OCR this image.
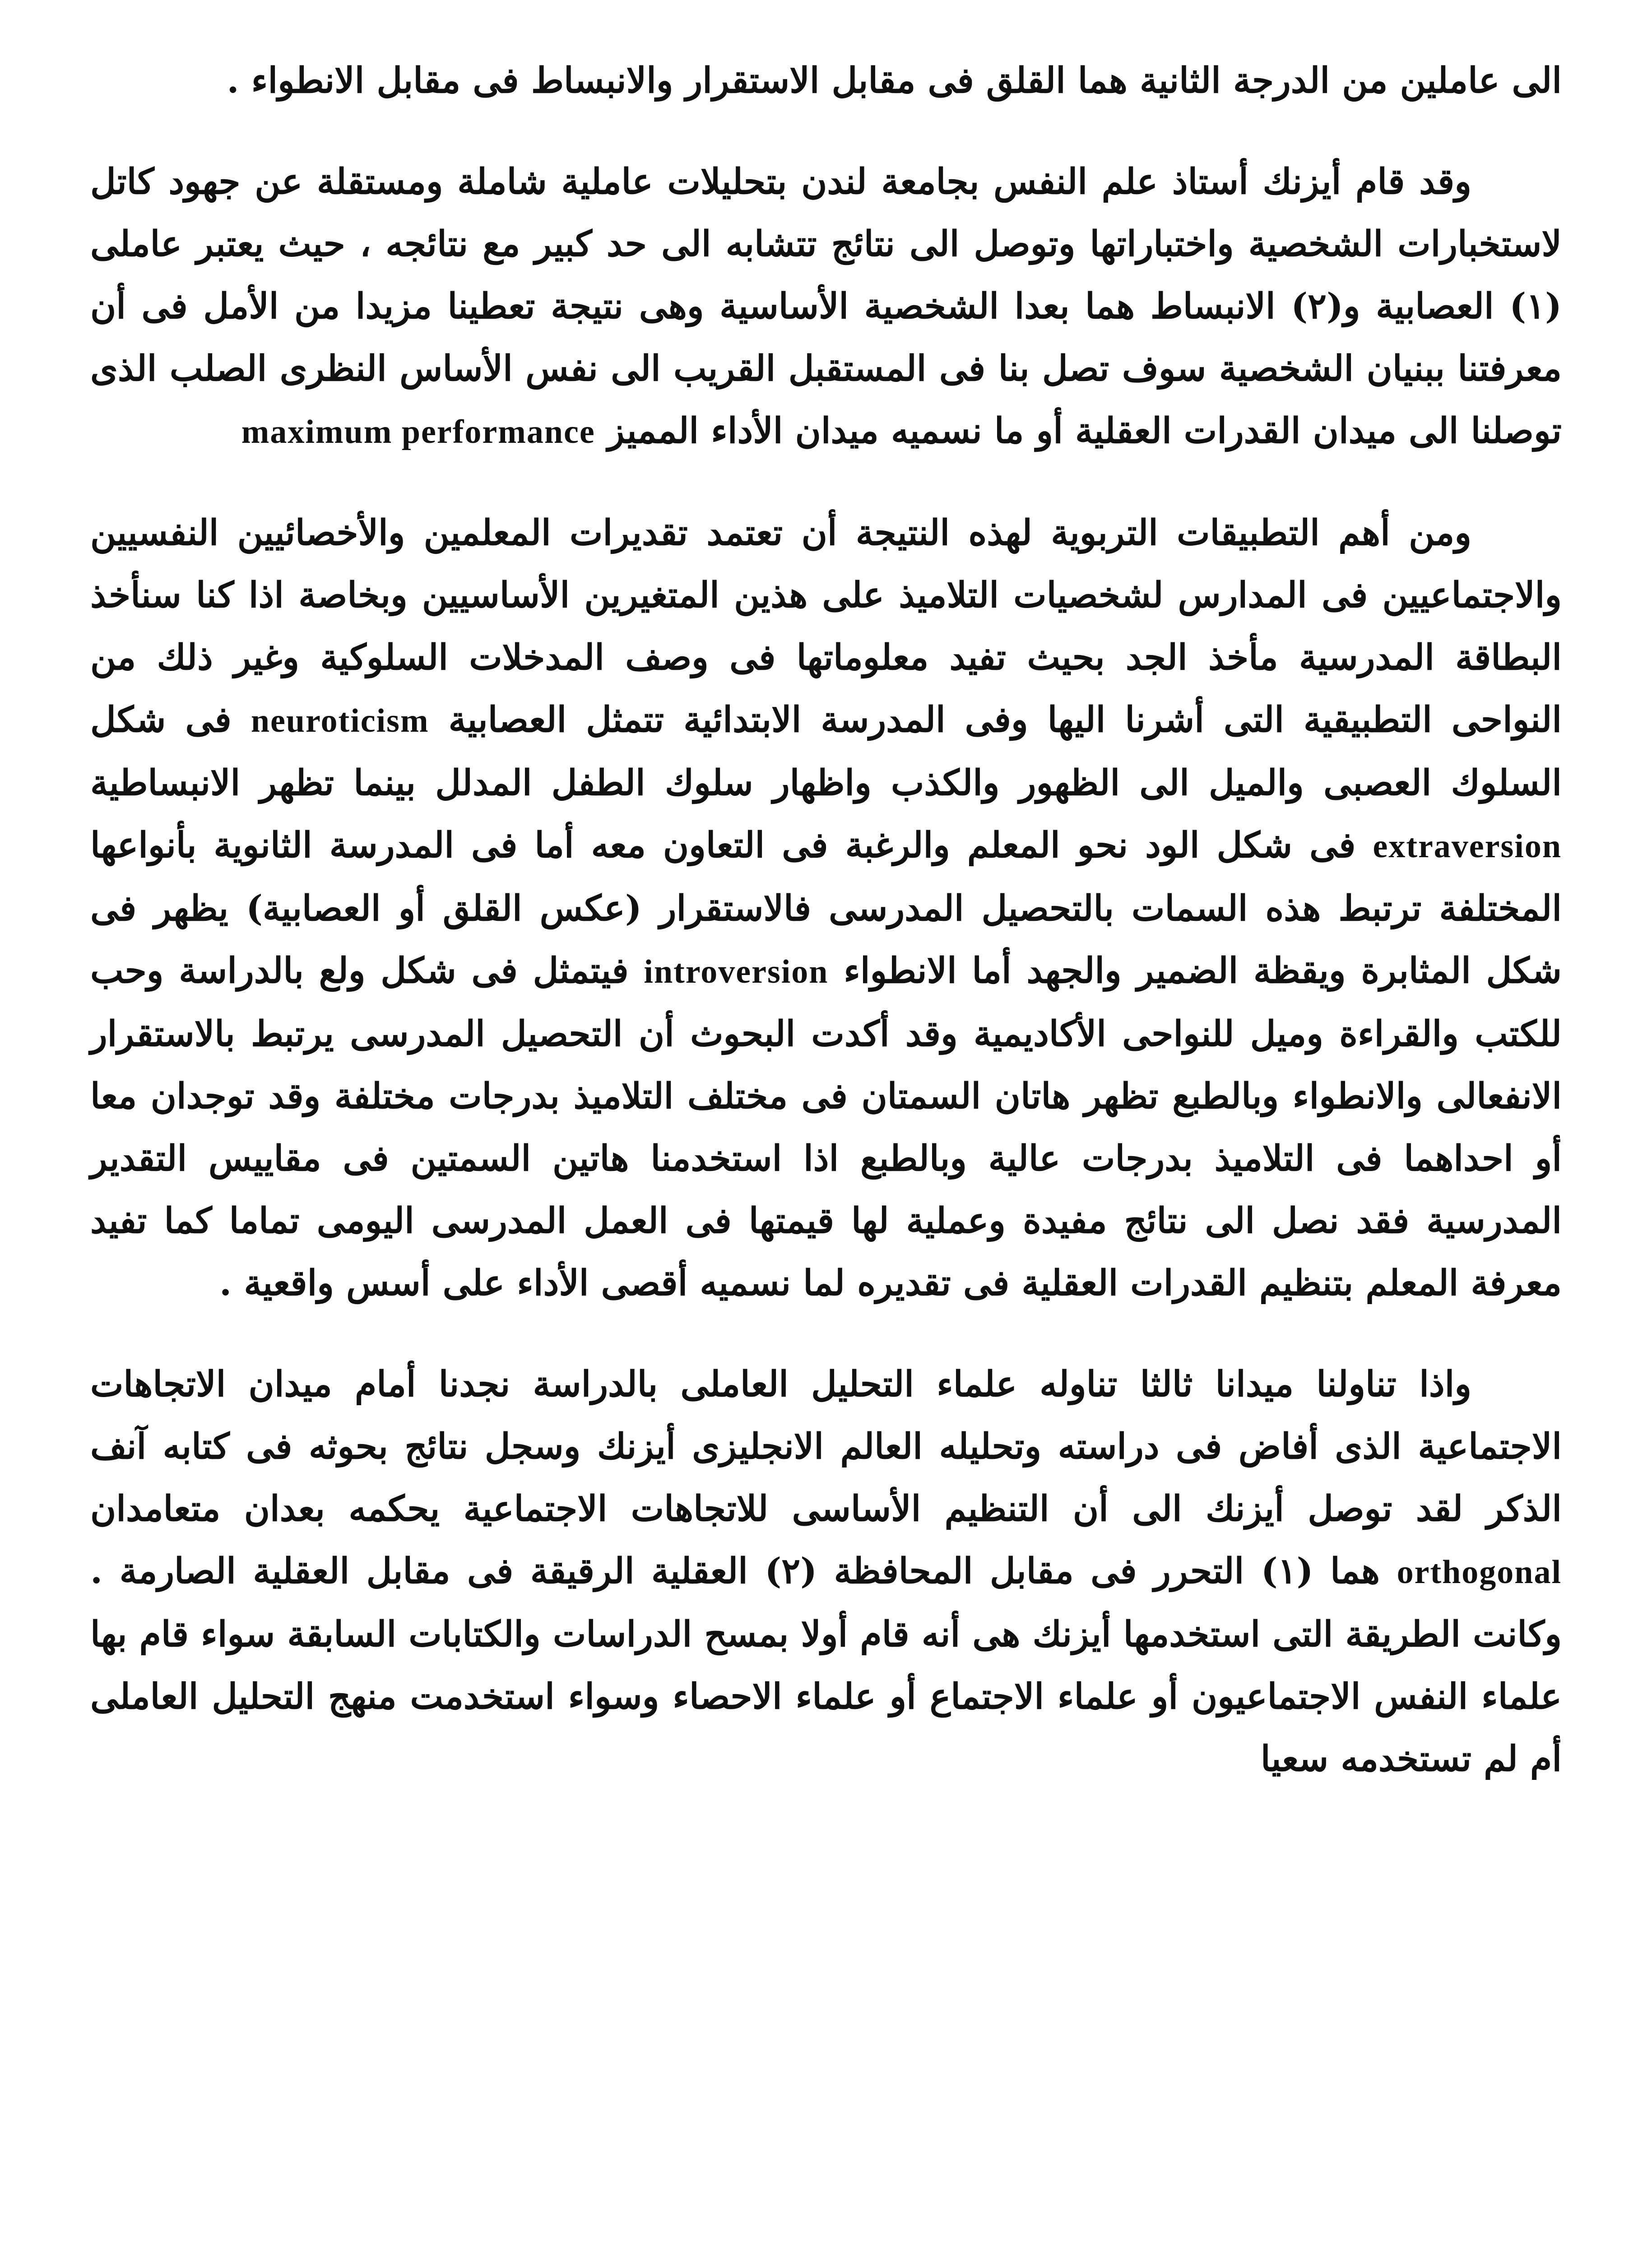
الى عاملين من الدرجة الثانية هما القلق فى مقابل الاستقرار والانبساط فى مقابل الانطواء .

وقد قام أيزنك أستاذ علم النفس بجامعة لندن بتحليلات عاملية شاملة ومستقلة عن جهود كاتل لاستخبارات الشخصية واختباراتها وتوصل الى نتائج تتشابه الى حد كبير مع نتائجه ، حيث يعتبر عاملى (١) العصابية و(٢) الانبساط هما بعدا الشخصية الأساسية وهى نتيجة تعطينا مزيدا من الأمل فى أن معرفتنا ببنيان الشخصية سوف تصل بنا فى المستقبل القريب الى نفس الأساس النظرى الصلب الذى توصلنا الى ميدان القدرات العقلية أو ما نسميه ميدان الأداء المميز maximum performance

ومن أهم التطبيقات التربوية لهذه النتيجة أن تعتمد تقديرات المعلمين والأخصائيين النفسيين والاجتماعيين فى المدارس لشخصيات التلاميذ على هذين المتغيرين الأساسيين وبخاصة اذا كنا سنأخذ البطاقة المدرسية مأخذ الجد بحيث تفيد معلوماتها فى وصف المدخلات السلوكية وغير ذلك من النواحى التطبيقية التى أشرنا اليها وفى المدرسة الابتدائية تتمثل العصابية neuroticism فى شكل السلوك العصبى والميل الى الظهور والكذب واظهار سلوك الطفل المدلل بينما تظهر الانبساطية extraversion فى شكل الود نحو المعلم والرغبة فى التعاون معه أما فى المدرسة الثانوية بأنواعها المختلفة ترتبط هذه السمات بالتحصيل المدرسى فالاستقرار (عكس القلق أو العصابية) يظهر فى شكل المثابرة ويقظة الضمير والجهد أما الانطواء introversion فيتمثل فى شكل ولع بالدراسة وحب للكتب والقراءة وميل للنواحى الأكاديمية وقد أكدت البحوث أن التحصيل المدرسى يرتبط بالاستقرار الانفعالى والانطواء وبالطبع تظهر هاتان السمتان فى مختلف التلاميذ بدرجات مختلفة وقد توجدان معا أو احداهما فى التلاميذ بدرجات عالية وبالطبع اذا استخدمنا هاتين السمتين فى مقاييس التقدير المدرسية فقد نصل الى نتائج مفيدة وعملية لها قيمتها فى العمل المدرسى اليومى تماما كما تفيد معرفة المعلم بتنظيم القدرات العقلية فى تقديره لما نسميه أقصى الأداء على أسس واقعية .

واذا تناولنا ميدانا ثالثا تناوله علماء التحليل العاملى بالدراسة نجدنا أمام ميدان الاتجاهات الاجتماعية الذى أفاض فى دراسته وتحليله العالم الانجليزى أيزنك وسجل نتائج بحوثه فى كتابه آنف الذكر لقد توصل أيزنك الى أن التنظيم الأساسى للاتجاهات الاجتماعية يحكمه بعدان متعامدان orthogonal هما (١) التحرر فى مقابل المحافظة (٢) العقلية الرقيقة فى مقابل العقلية الصارمة . وكانت الطريقة التى استخدمها أيزنك هى أنه قام أولا بمسح الدراسات والكتابات السابقة سواء قام بها علماء النفس الاجتماعيون أو علماء الاجتماع أو علماء الاحصاء وسواء استخدمت منهج التحليل العاملى أم لم تستخدمه سعيا
